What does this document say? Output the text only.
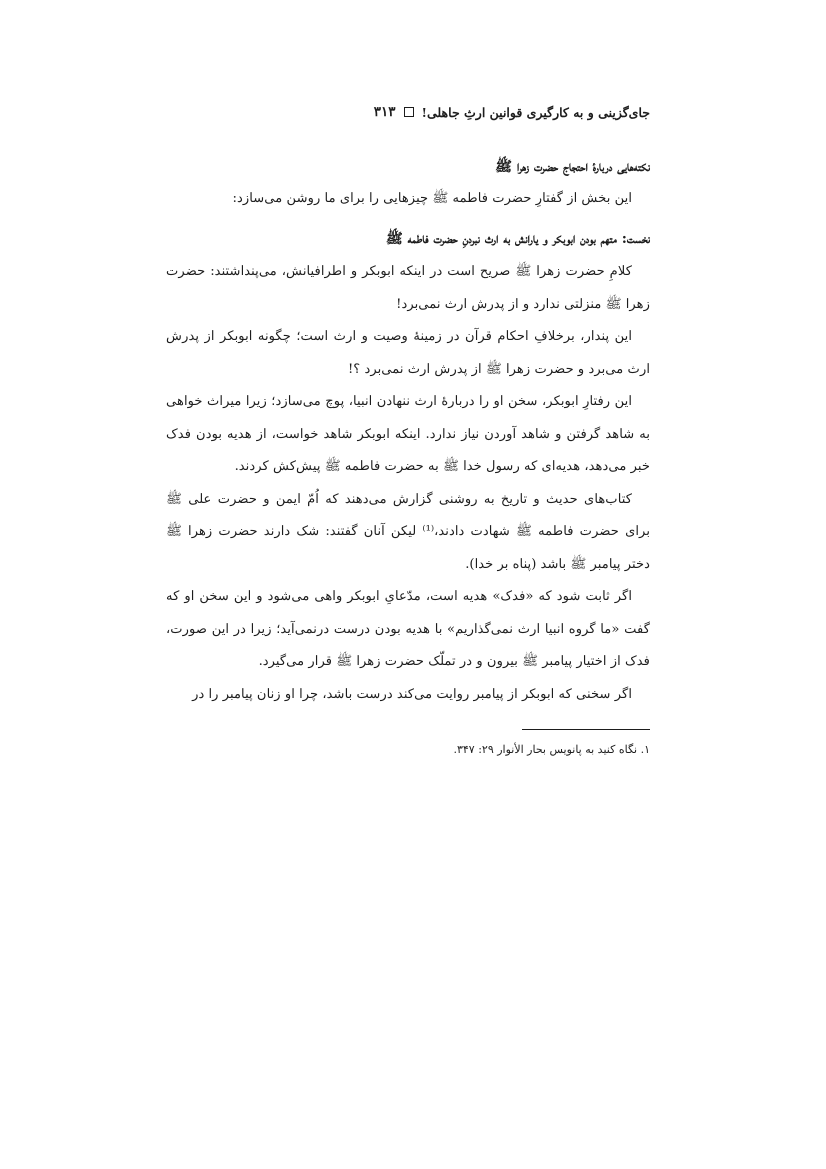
جای‌گزینی و به کارگیری قوانین ارثِ جاهلی!
۳۱۳
نکته‌هایی دربارهٔ احتجاج حضرت زهرا ﷺ

این بخش از گفتارِ حضرت فاطمه ﷺ چیزهایی را برای ما روشن می‌سازد:

نخست: متهم بودن ابوبکر و یارانش به ارث نبردنِ حضرت فاطمه ﷺ

کلامِ حضرت زهرا ﷺ صریح است در اینکه ابوبکر و اطرافیانش، می‌پنداشتند: حضرت زهرا ﷺ منزلتی ندارد و از پدرش ارث نمی‌برد!

این پندار، برخلافِ احکام قرآن در زمینهٔ وصیت و ارث است؛ چگونه ابوبکر از پدرش ارث می‌برد و حضرت زهرا ﷺ از پدرش ارث نمی‌برد ؟!

این رفتارِ ابوبکر، سخن او را دربارهٔ ارث ننهادن انبیا، پوچ می‌سازد؛ زیرا میراث خواهی به شاهد گرفتن و شاهد آوردن نیاز ندارد. اینکه ابوبکر شاهد خواست، از هدیه بودن فدک خبر می‌دهد، هدیه‌ای که رسول خدا ﷺ به حضرت فاطمه ﷺ پیش‌کش کردند.

کتاب‌های حدیث و تاریخ به روشنی گزارش می‌دهند که اُمّ ایمن و حضرت علی ﷺ برای حضرت فاطمه ﷺ شهادت دادند،⁽¹⁾ لیکن آنان گفتند: شک دارند حضرت زهرا ﷺ دختر پیامبر ﷺ باشد (پناه بر خدا).

اگر ثابت شود که «فدک» هدیه است، مدّعایِ ابوبکر واهی می‌شود و این سخن او که گفت «ما گروه انبیا ارث نمی‌گذاریم» با هدیه بودن درست درنمی‌آید؛ زیرا در این صورت، فدک از اختیار پیامبر ﷺ بیرون و در تملّک حضرت زهرا ﷺ قرار می‌گیرد.

اگر سخنی که ابوبکر از پیامبر روایت می‌کند درست باشد، چرا او زنان پیامبر را در

۱. نگاه کنید به پانویس بحار الأنوار ۲۹: ۳۴۷.
